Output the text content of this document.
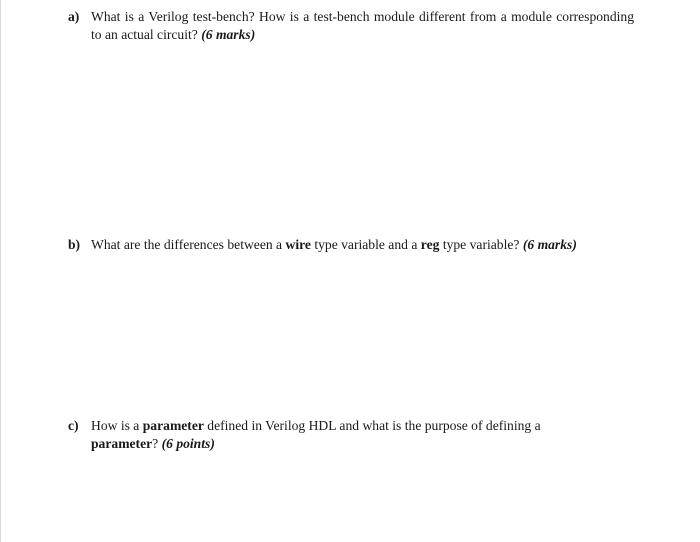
a) What is a Verilog test-bench? How is a test-bench module different from a module corresponding to an actual circuit? (6 marks)
b) What are the differences between a wire type variable and a reg type variable? (6 marks)
c) How is a parameter defined in Verilog HDL and what is the purpose of defining a
parameter? (6 points)
